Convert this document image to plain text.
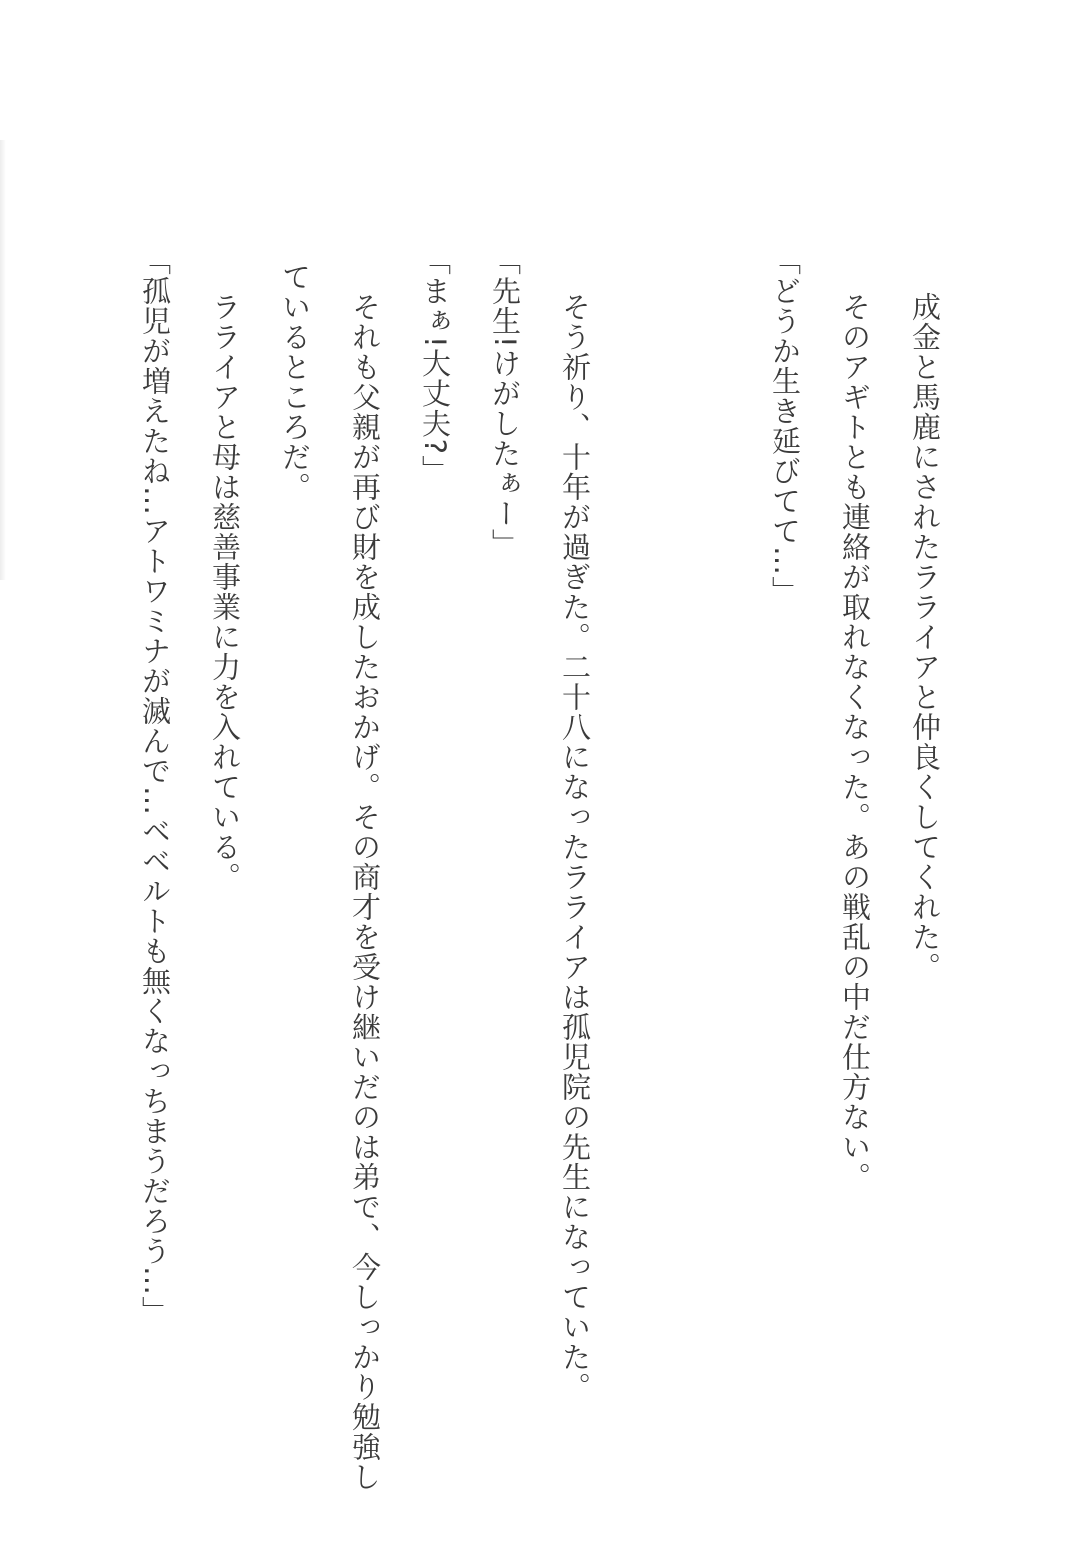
　成金と馬鹿にされたラライアと仲良くしてくれた。
　そのアギトとも連絡が取れなくなった。あの戦乱の中だ仕方ない。
「どうか生き延びてて…」
　そう祈り、十年が過ぎた。二十八になったラライアは孤児院の先生になっていた。
「先生!けがしたぁー」
「まぁ!大丈夫?」
　それも父親が再び財を成したおかげ。その商才を受け継いだのは弟で、今しっかり勉強し
ているところだ。
　ラライアと母は慈善事業に力を入れている。
「孤児が増えたね…アトワミナが滅んで…ベベルトも無くなっちまうだろう…」
